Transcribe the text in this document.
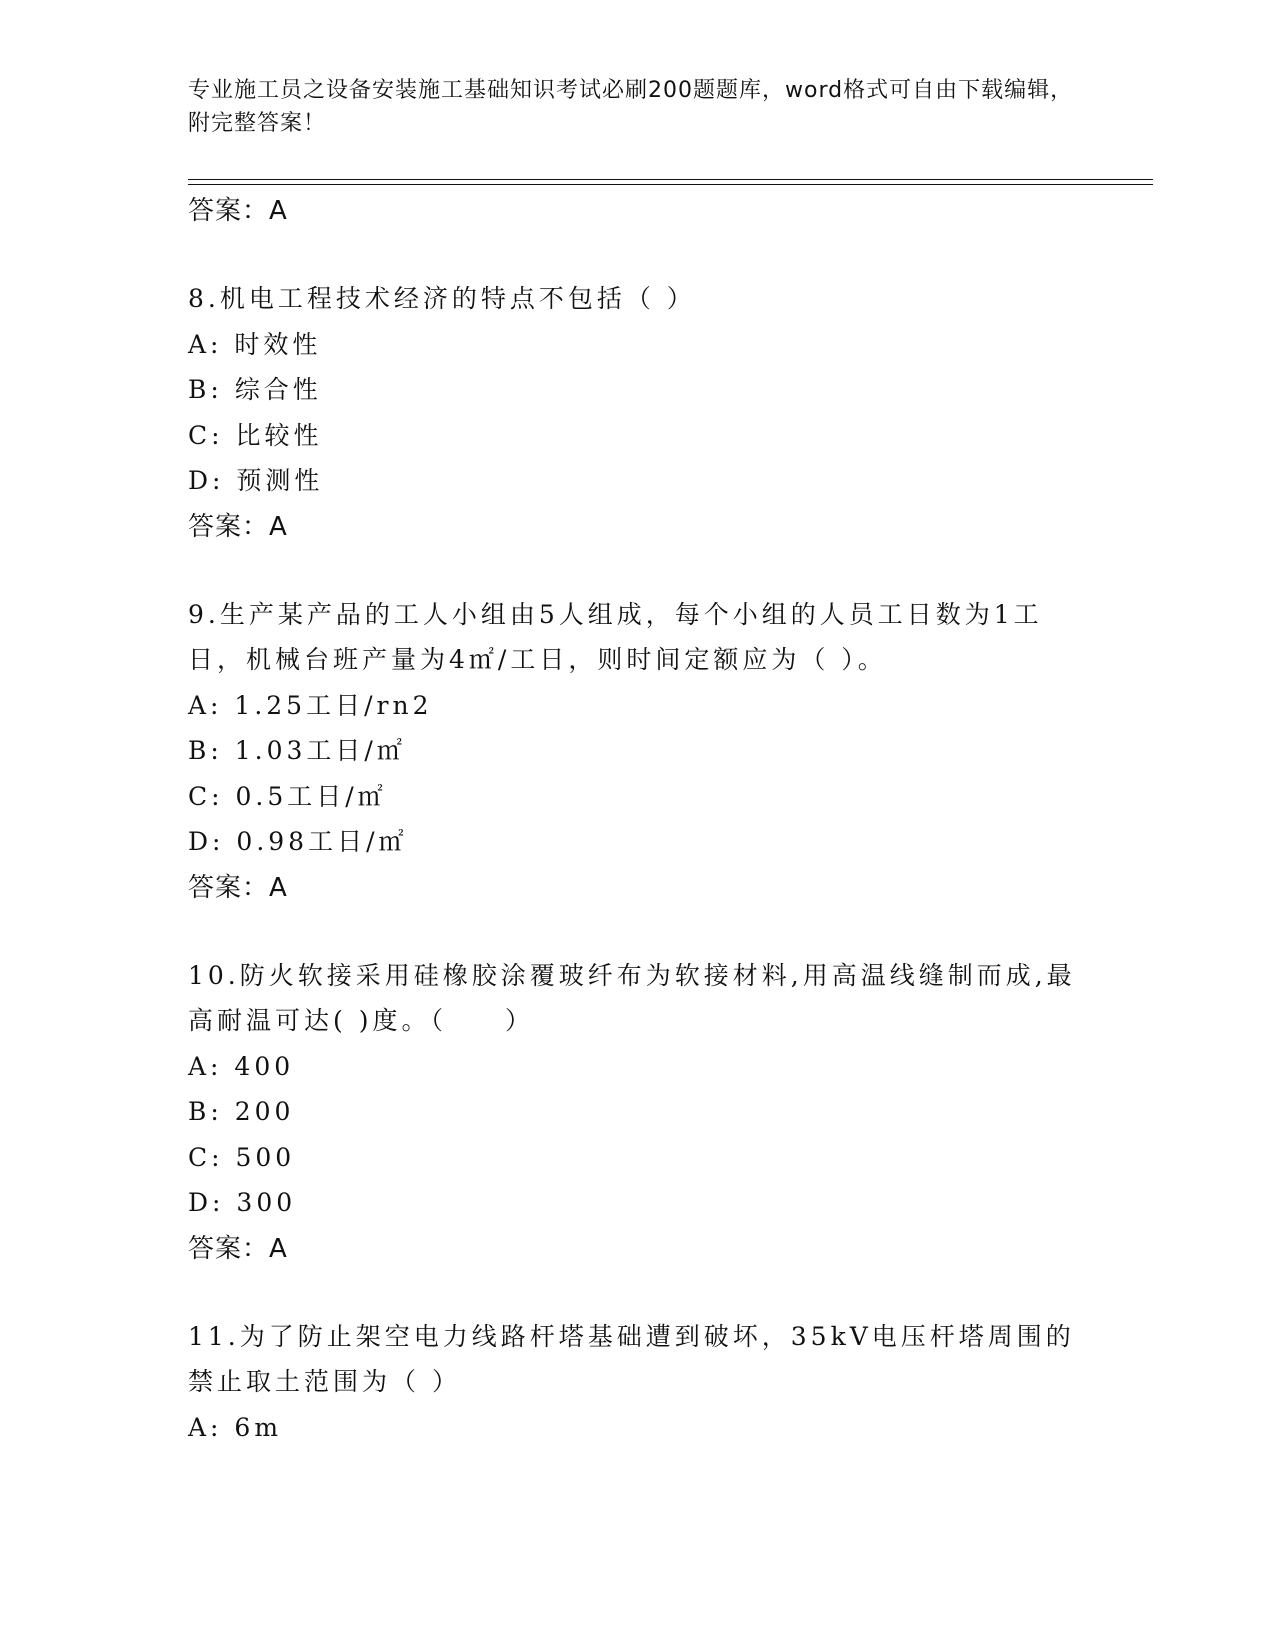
专业施工员之设备安装施工基础知识考试必刷200题题库，word格式可自由下载编辑，附完整答案！
答案：A
8.机电工程技术经济的特点不包括（ ）
A: 时效性
B: 综合性
C: 比较性
D: 预测性
答案：A
9.生产某产品的工人小组由5人组成，每个小组的人员工日数为1工日，机械台班产量为4㎡/工日，则时间定额应为（ ）。
A: 1.25工日/rn2
B: 1.03工日/㎡
C: 0.5工日/㎡
D: 0.98工日/㎡
答案：A
10.防火软接采用硅橡胶涂覆玻纤布为软接材料,用高温线缝制而成,最高耐温可达( )度。（　　）
A: 400
B: 200
C: 500
D: 300
答案：A
11.为了防止架空电力线路杆塔基础遭到破坏，35kV电压杆塔周围的禁止取土范围为（ ）
A: 6m
